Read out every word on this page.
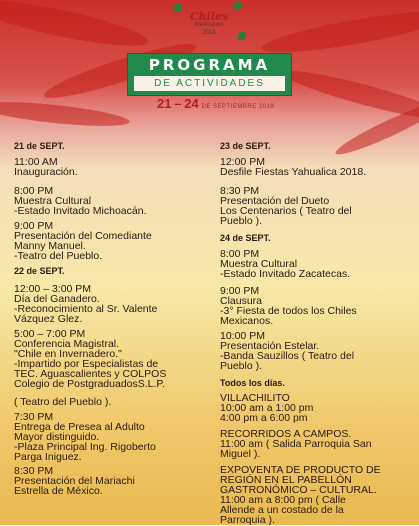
Chiles
Mexicanos
2018
PROGRAMA
DE ACTIVIDADES
21 – 24 DE SEPTIEMBRE 2018
21 de SEPT.
11:00 AM
Inauguración.
8:00 PM
Muestra Cultural
-Estado Invitado Michoacán.
9:00 PM
Presentación del Comediante
Manny Manuel.
-Teatro del Pueblo.
22 de SEPT.
12:00 – 3:00 PM
Día del Ganadero.
-Reconocimiento al Sr. Valente
Vázquez Glez.
5:00 – 7:00 PM
Conferencia Magistral.
"Chile en Invernadero."
-Impartido por Especialistas de
TEC. Aguascalientes y COLPOS
Colegio de PostgraduadosS.L.P.
( Teatro del Pueblo ).
7:30 PM
Entrega de Presea al Adulto
Mayor distinguido.
-Plaza Principal Ing. Rigoberto
Parga Iniguez.
8:30 PM
Presentación del Mariachi
Estrella de México.
23 de SEPT.
12:00 PM
Desfile Fiestas Yahualica 2018.
8:30 PM
Presentación del Dueto
Los Centenarios ( Teatro del
Pueblo ).
24 de SEPT.
8:00 PM
Muestra Cultural
-Estado Invitado Zacatecas.
9:00 PM
Clausura
-3° Fiesta de todos los Chiles
Mexicanos.
10:00 PM
Presentación Estelar.
-Banda Sauzillos ( Teatro del
Pueblo ).
Todos los días.
VILLACHILITO
10:00 am a 1:00 pm
4:00 pm a 6:00 pm
RECORRIDOS A CAMPOS.
11:00 am ( Salida Parroquia San
Miguel ).
EXPOVENTA DE PRODUCTO DE
REGIÓN EN EL PABELLÓN
GASTRONÓMICO – CULTURAL.
11:00 am a 8:00 pm ( Calle
Allende a un costado de la
Parroquia ).
